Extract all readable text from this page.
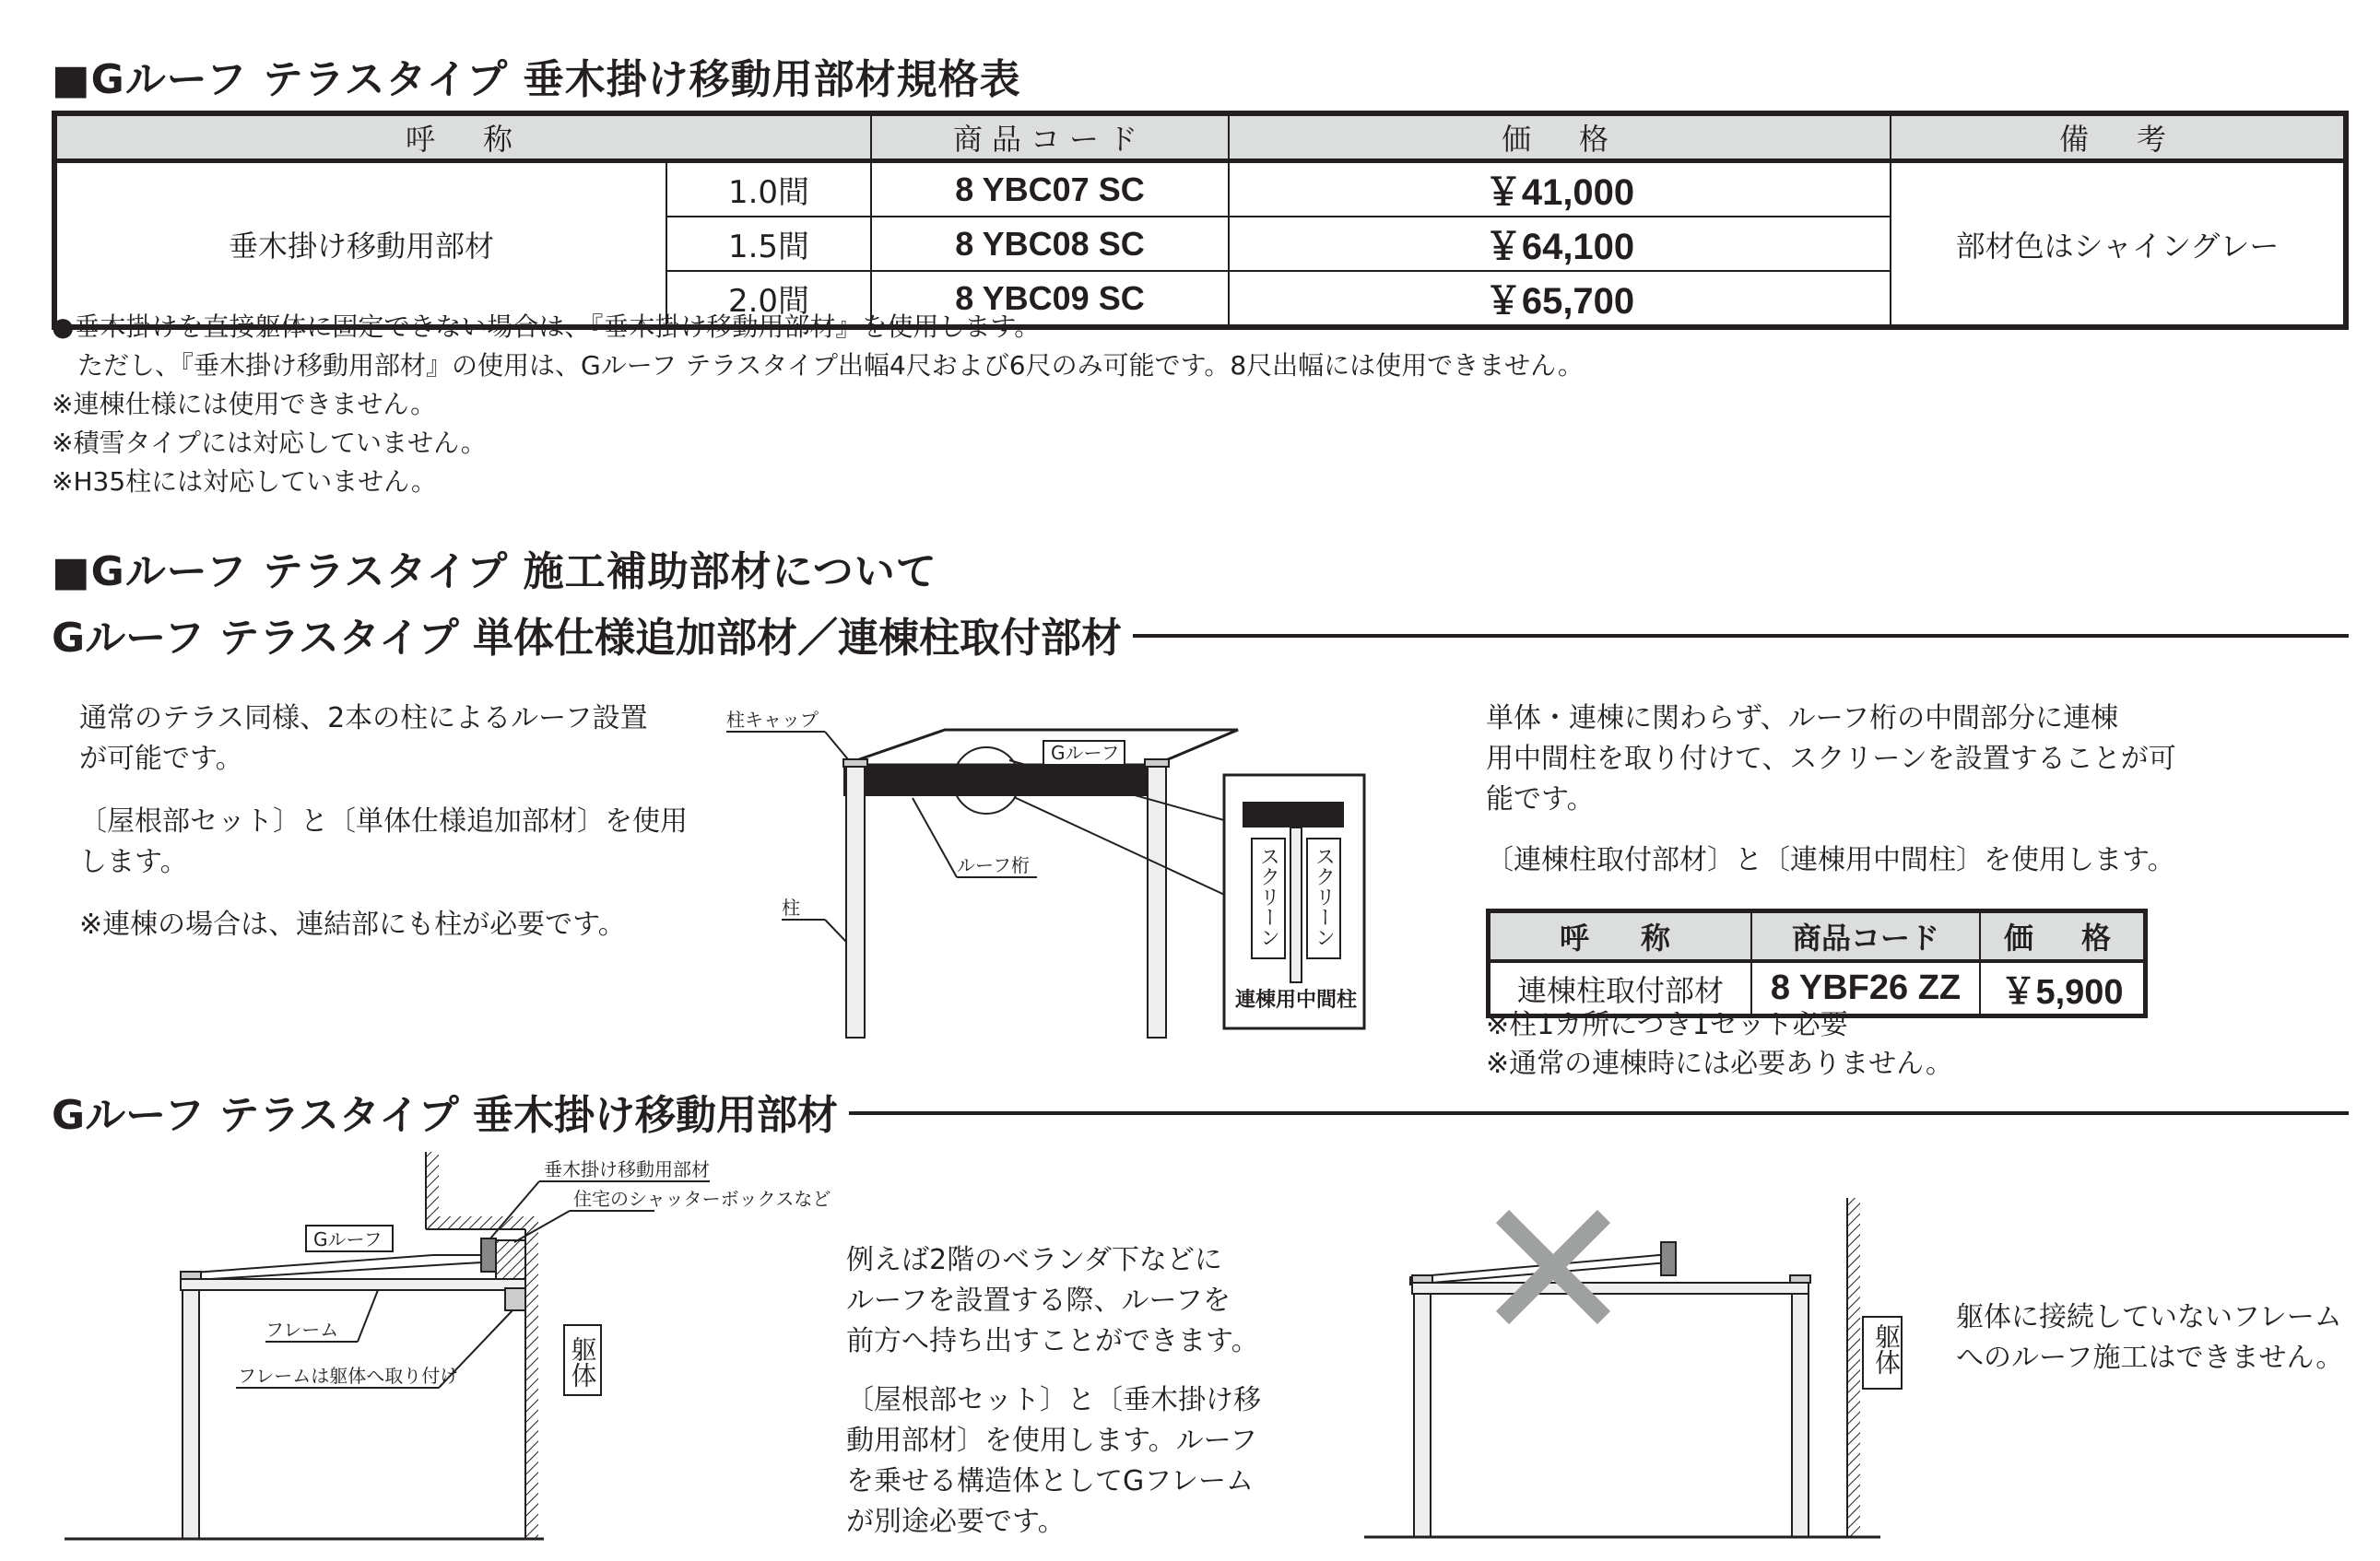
■Gルーフ テラスタイプ 垂木掛け移動用部材規格表
呼　称		商品コード	価　格	備　考
垂木掛け移動用部材	1.0間	8 YBC07 SC	￥41,000	部材色はシャイングレー
	1.5間	8 YBC08 SC	￥64,100	
	2.0間	8 YBC09 SC	￥65,700	
●垂木掛けを直接躯体に固定できない場合は、『垂木掛け移動用部材』を使用します。
　ただし、『垂木掛け移動用部材』の使用は、Gルーフ テラスタイプ出幅4尺および6尺のみ可能です。8尺出幅には使用できません。
※連棟仕様には使用できません。
※積雪タイプには対応していません。
※H35柱には対応していません。
■Gルーフ テラスタイプ 施工補助部材について
Gルーフ テラスタイプ 単体仕様追加部材／連棟柱取付部材
通常のテラス同様、2本の柱によるルーフ設置
が可能です。
〔屋根部セット〕と〔単体仕様追加部材〕を使用
します。
※連棟の場合は、連結部にも柱が必要です。	スクリーン スクリーン
連棟用中間柱
Gルーフ
柱キャップ
ルーフ桁
柱
単体・連棟に関わらず、ルーフ桁の中間部分に連棟
用中間柱を取り付けて、スクリーンを設置することが可
能です。
〔連棟柱取付部材〕と〔連棟用中間柱〕を使用します。
呼　称	商品コード	価　格
連棟柱取付部材	8 YBF26 ZZ	￥5,900
※柱1カ所につき1セット必要
※通常の連棟時には必要ありません。
Gルーフ テラスタイプ 垂木掛け移動用部材
垂木掛け移動用部材
住宅のシャッターボックスなど
Gルーフ
フレーム
フレームは躯体へ取り付け	躯体
例えば2階のベランダ下などに
ルーフを設置する際、ルーフを
前方へ持ち出すことができます。
〔屋根部セット〕と〔垂木掛け移
動用部材〕を使用します。ルーフ
を乗せる構造体としてGフレーム
が別途必要です。
躯体
躯体に接続していないフレーム
へのルーフ施工はできません。
